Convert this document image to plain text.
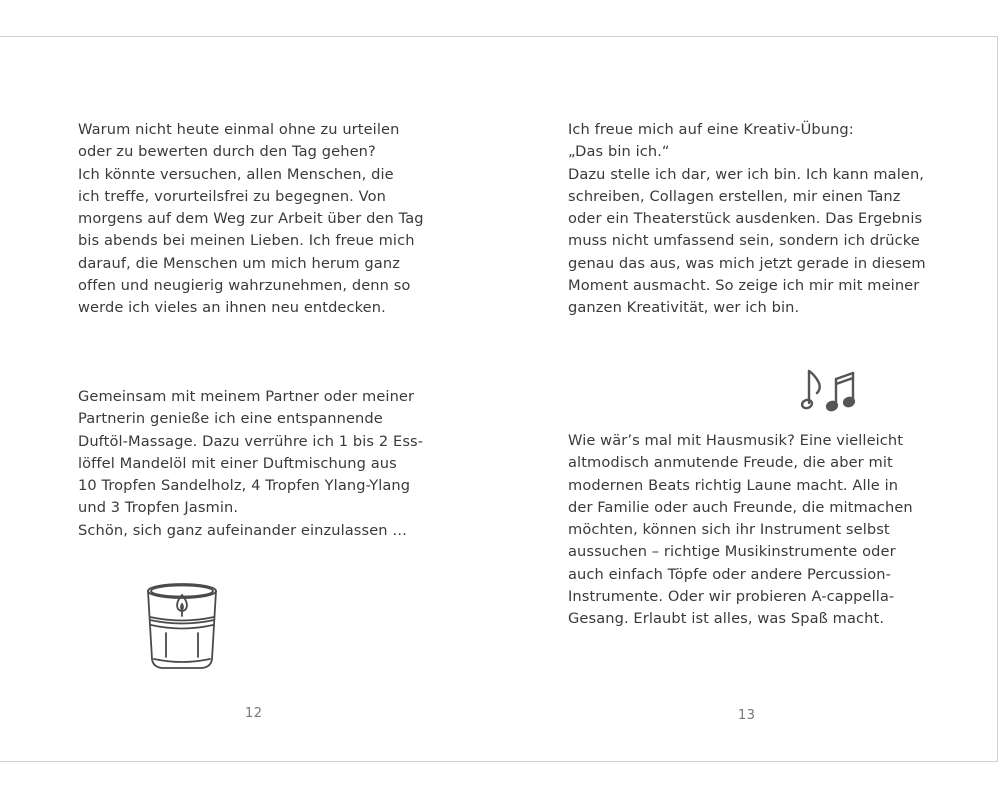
Warum nicht heute einmal ohne zu urteilen
oder zu bewerten durch den Tag gehen?
Ich könnte versuchen, allen Menschen, die
ich treffe, vorurteilsfrei zu begegnen. Von
morgens auf dem Weg zur Arbeit über den Tag
bis abends bei meinen Lieben. Ich freue mich
darauf, die Menschen um mich herum ganz
offen und neugierig wahrzunehmen, denn so
werde ich vieles an ihnen neu entdecken.

Gemeinsam mit meinem Partner oder meiner
Partnerin genieße ich eine entspannende
Duftöl-Massage. Dazu verrühre ich 1 bis 2 Ess-
löffel Mandelöl mit einer Duftmischung aus
10 Tropfen Sandelholz, 4 Tropfen Ylang-Ylang
und 3 Tropfen Jasmin.
Schön, sich ganz aufeinander einzulassen …

12

Ich freue mich auf eine Kreativ-Übung:
„Das bin ich.“
Dazu stelle ich dar, wer ich bin. Ich kann malen,
schreiben, Collagen erstellen, mir einen Tanz
oder ein Theaterstück ausdenken. Das Ergebnis
muss nicht umfassend sein, sondern ich drücke
genau das aus, was mich jetzt gerade in diesem
Moment ausmacht. So zeige ich mir mit meiner
ganzen Kreativität, wer ich bin.

Wie wär’s mal mit Hausmusik? Eine vielleicht
altmodisch anmutende Freude, die aber mit
modernen Beats richtig Laune macht. Alle in
der Familie oder auch Freunde, die mitmachen
möchten, können sich ihr Instrument selbst
aussuchen – richtige Musikinstrumente oder
auch einfach Töpfe oder andere Percussion-
Instrumente. Oder wir probieren A-cappella-
Gesang. Erlaubt ist alles, was Spaß macht.

13
